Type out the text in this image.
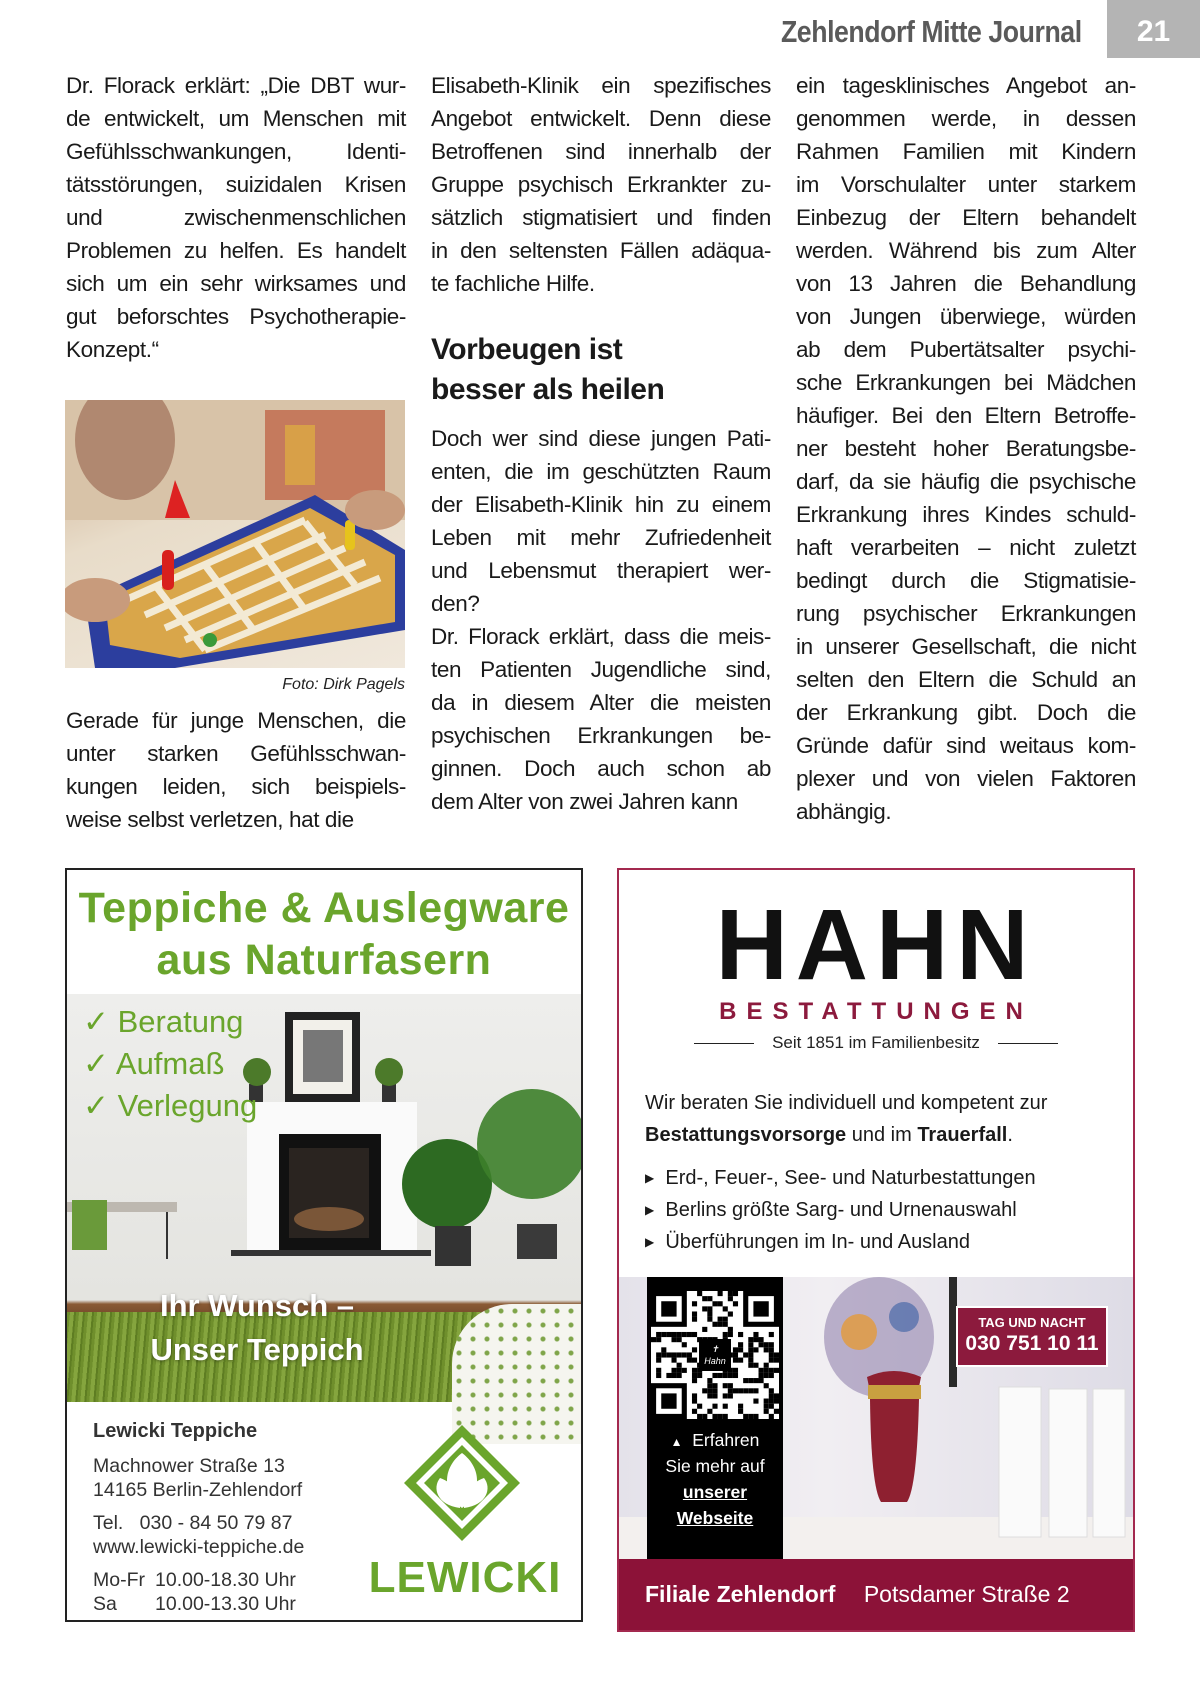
Zehlendorf Mitte Journal	21
Dr. Florack erklärt: „Die DBT wur-
de entwickelt, um Menschen mit
Gefühlsschwankungen, Identi-
tätsstörungen, suizidalen Krisen
und zwischenmenschlichen
Problemen zu helfen. Es handelt
sich um ein sehr wirksames und
gut beforschtes Psychotherapie-
Konzept.“
Foto: Dirk Pagels
Gerade für junge Menschen, die
unter starken Gefühlsschwan-
kungen leiden, sich beispiels-
weise selbst verletzen, hat die
Elisabeth-Klinik ein spezifisches
Angebot entwickelt. Denn diese
Betroffenen sind innerhalb der
Gruppe psychisch Erkrankter zu-
sätzlich stigmatisiert und finden
in den seltensten Fällen adäqua-
te fachliche Hilfe.
Vorbeugen ist
besser als heilen
Doch wer sind diese jungen Pati-
enten, die im geschützten Raum
der Elisabeth-Klinik hin zu einem
Leben mit mehr Zufriedenheit
und Lebensmut therapiert wer-
den?
Dr. Florack erklärt, dass die meis-
ten Patienten Jugendliche sind,
da in diesem Alter die meisten
psychischen Erkrankungen be-
ginnen. Doch auch schon ab
dem Alter von zwei Jahren kann
ein tagesklinisches Angebot an-
genommen werde, in dessen
Rahmen Familien mit Kindern
im Vorschulalter unter starkem
Einbezug der Eltern behandelt
werden. Während bis zum Alter
von 13 Jahren die Behandlung
von Jungen überwiege, würden
ab dem Pubertätsalter psychi-
sche Erkrankungen bei Mädchen
häufiger. Bei den Eltern Betroffe-
ner besteht hoher Beratungsbe-
darf, da sie häufig die psychische
Erkrankung ihres Kindes schuld-
haft verarbeiten – nicht zuletzt
bedingt durch die Stigmatisie-
rung psychischer Erkrankungen
in unserer Gesellschaft, die nicht
selten den Eltern die Schuld an
der Erkrankung gibt. Doch die
Gründe dafür sind weitaus kom-
plexer und von vielen Faktoren
abhängig.
Teppiche & Auslegware
aus Naturfasern
✓ Beratung
✓ Aufmaß
✓ Verlegung
Ihr Wunsch –
Unser Teppich
Lewicki Teppiche
Machnower Straße 13
14165 Berlin-Zehlendorf
Tel. 030 - 84 50 79 87
www.lewicki-teppiche.de
Mo-Fr 10.00-18.30 Uhr
Sa 10.00-13.30 Uhr
LEWICKI
HAHN
BESTATTUNGEN
Seit 1851 im Familienbesitz
Wir beraten Sie individuell und kompetent zur
Bestattungsvorsorge und im Trauerfall.
▶ Erd-, Feuer-, See- und Naturbestattungen
▶ Berlins größte Sarg- und Urnenauswahl
▶ Überführungen im In- und Ausland
✝
Hahn
▲ Erfahren
Sie mehr auf
unserer
Webseite
TAG UND NACHT
030 751 10 11
Filiale Zehlendorf Potsdamer Straße 2
